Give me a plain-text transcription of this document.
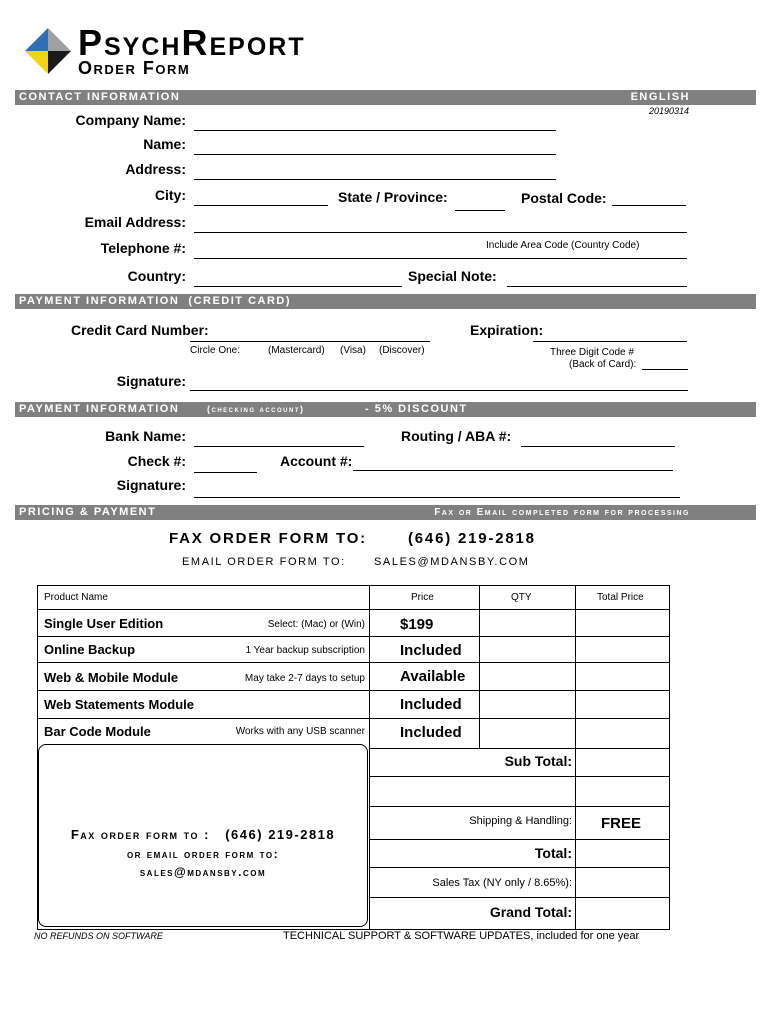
PsychReport
Order Form
CONTACT INFORMATION	ENGLISH
20190314
Company Name:
Name:
Address:
City:	State / Province:	Postal Code:
Email Address:
Telephone #:	Include Area Code (Country Code)
Country:	Special Note:
PAYMENT INFORMATION  (CREDIT CARD)
Credit Card Number:	Expiration:
Circle One:	(Mastercard) (Visa) (Discover)	Three Digit Code #
(Back of Card):
Signature:
PAYMENT INFORMATION	(checking account)	- 5% DISCOUNT
Bank Name:	Routing / ABA #:
Check #:	Account #:
Signature:
PRICING & PAYMENT	Fax or Email completed form for processing
FAX ORDER FORM TO:	(646) 219-2818
EMAIL ORDER FORM TO:	SALES@MDANSBY.COM
Product Name	Price	QTY	Total Price
Single User Edition	Select: (Mac) or (Win) $199
Online Backup	1 Year backup subscription Included
Web & Mobile Module	May take 2-7 days to setup Available
Web Statements Module	Included
Bar Code Module	Works with any USB scanner Included
Sub Total:
Shipping & Handling: FREE
Total:
Sales Tax (NY only / 8.65%):
Grand Total:
Fax order form to :   (646) 219-2818
or email order form to:
sales@mdansby.com
NO REFUNDS ON SOFTWARE	TECHNICAL SUPPORT & SOFTWARE UPDATES, included for one year
